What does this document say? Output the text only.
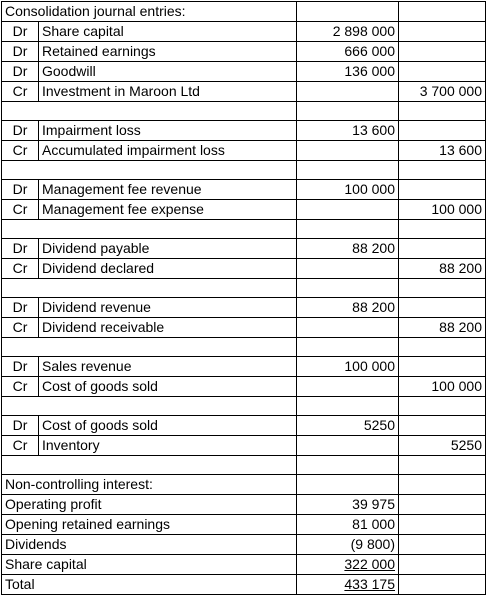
Consolidation journal entries:			
Dr	Share capital	2 898 000	
Dr	Retained earnings	666 000	
Dr	Goodwill	136 000	
Cr	Investment in Maroon Ltd		3 700 000

Dr	Impairment loss	13 600	
Cr	Accumulated impairment loss		13 600

Dr	Management fee revenue	100 000	
Cr	Management fee expense		100 000

Dr	Dividend payable	88 200	
Cr	Dividend declared		88 200

Dr	Dividend revenue	88 200	
Cr	Dividend receivable		88 200

Dr	Sales revenue	100 000	
Cr	Cost of goods sold		100 000

Dr	Cost of goods sold	5250	
Cr	Inventory		5250

Non-controlling interest:			
Operating profit		39 975	
Opening retained earnings		81 000	
Dividends		(9 800)	
Share capital		322 000	
Total		433 175	
